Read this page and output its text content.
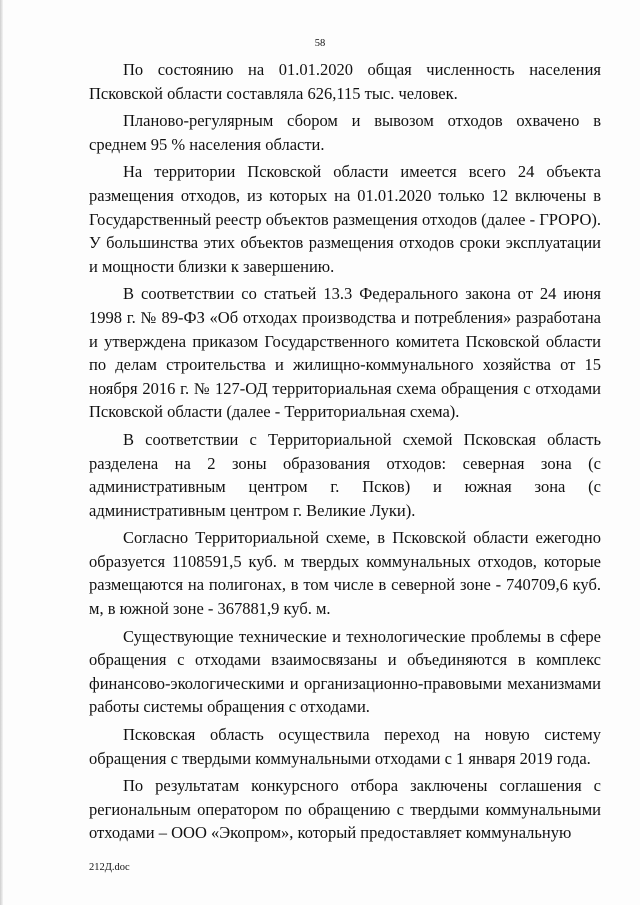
58

По состоянию на 01.01.2020 общая численность населения Псковской области составляла 626,115 тыс. человек.

Планово-регулярным сбором и вывозом отходов охвачено в среднем 95 % населения области.

На территории Псковской области имеется всего 24 объекта размещения отходов, из которых на 01.01.2020 только 12 включены в Государственный реестр объектов размещения отходов (далее - ГРОРО). У большинства этих объектов размещения отходов сроки эксплуатации и мощности близки к завершению.

В соответствии со статьей 13.3 Федерального закона от 24 июня 1998 г. № 89-ФЗ «Об отходах производства и потребления» разработана и утверждена приказом Государственного комитета Псковской области по делам строительства и жилищно-коммунального хозяйства от 15 ноября 2016 г. № 127-ОД территориальная схема обращения с отходами Псковской области (далее - Территориальная схема).

В соответствии с Территориальной схемой Псковская область разделена на 2 зоны образования отходов: северная зона (с административным центром г. Псков) и южная зона (с административным центром г. Великие Луки).

Согласно Территориальной схеме, в Псковской области ежегодно образуется 1108591,5 куб. м твердых коммунальных отходов, которые размещаются на полигонах, в том числе в северной зоне - 740709,6 куб. м, в южной зоне - 367881,9 куб. м.

Существующие технические и технологические проблемы в сфере обращения с отходами взаимосвязаны и объединяются в комплекс финансово-экологическими и организационно-правовыми механизмами работы системы обращения с отходами.

Псковская область осуществила переход на новую систему обращения с твердыми коммунальными отходами с 1 января 2019 года.

По результатам конкурсного отбора заключены соглашения с региональным оператором по обращению с твердыми коммунальными отходами – ООО «Экопром», который предоставляет коммунальную

212Д.doc
